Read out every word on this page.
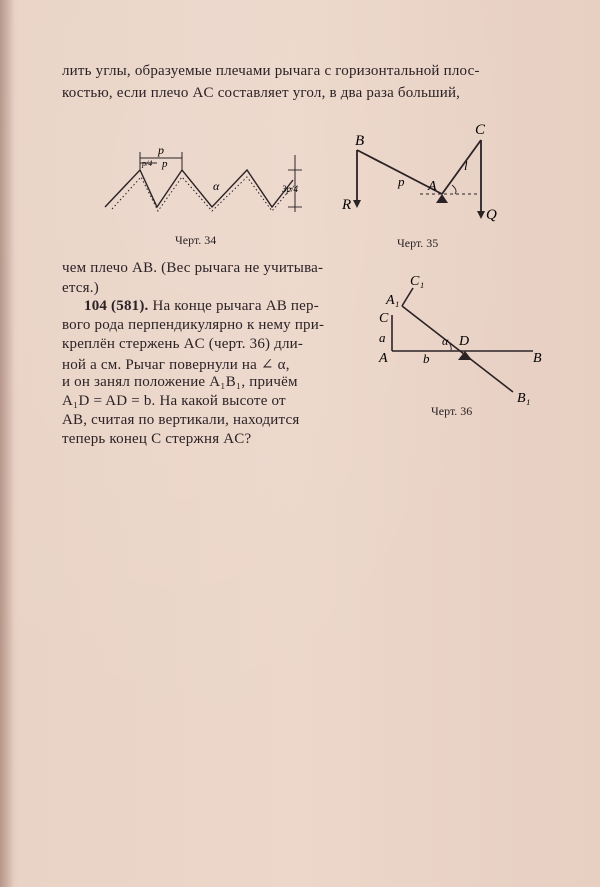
лить углы, образуемые плечами рычага с горизонтальной плос-
костью, если плечо AC составляет угол, в два раза больший,
p
p
p/4
α	3p/4
Черт. 34
B
C
R
Q
p
l
A
Черт. 35
чем плечо AB. (Вес рычага не учитыва-
ется.)
104 (581). На конце рычага AB пер-
вого рода перпендикулярно к нему при-
креплён стержень AC (черт. 36) дли-
ной a см. Рычаг повернули на ∠ α,
и он занял положение A₁B₁, причём
A₁D = AD = b. На какой высоте от
AB, считая по вертикали, находится
теперь конец C стержня AC?
C₁
A₁
C
a
A	b
α D
B
B₁
Черт. 36
